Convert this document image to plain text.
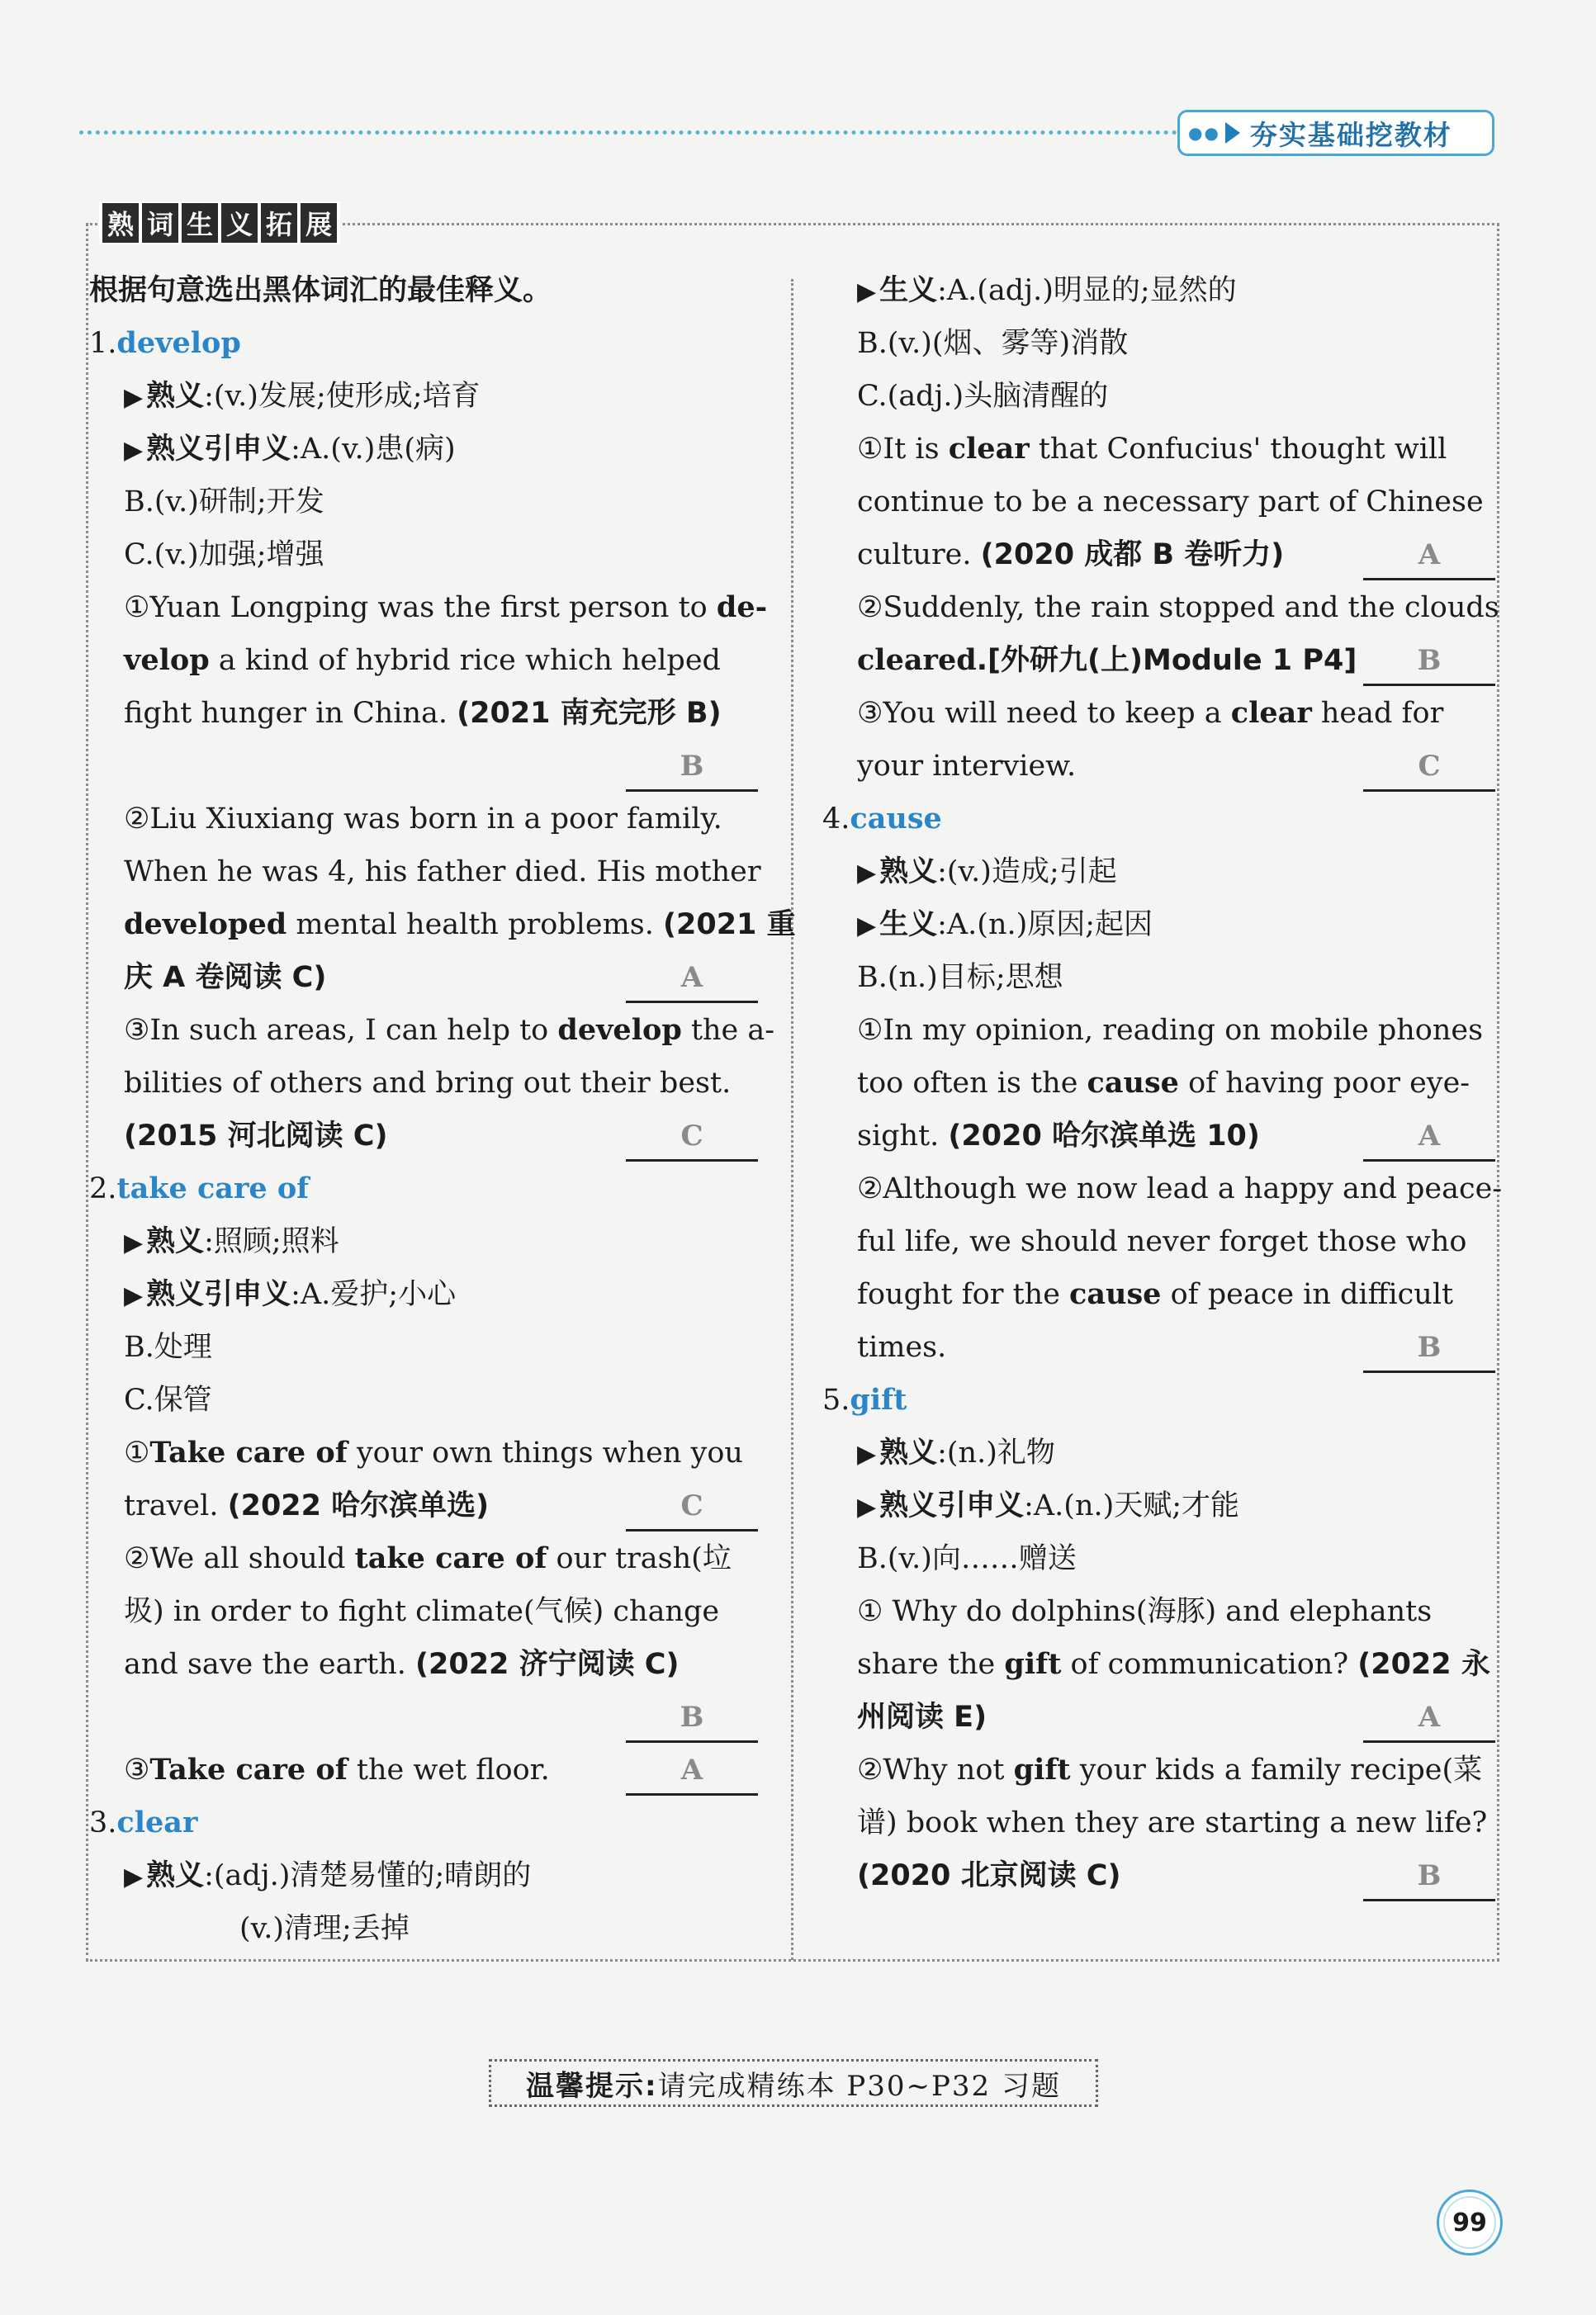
●● 夯实基础挖教材
熟 词 生 义 拓 展
根据句意选出黑体词汇的最佳释义。
1.develop
▶ 熟义:(v.)发展;使形成;培育
▶ 熟义引申义:A.(v.)患(病)
B.(v.)研制;开发
C.(v.)加强;增强
①Yuan Longping was the first person to de-
velop a kind of hybrid rice which helped
fight hunger in China. (2021 南充完形 B)
B
②Liu Xiuxiang was born in a poor family.
When he was 4, his father died. His mother
developed mental health problems. (2021 重
庆 A 卷阅读 C)	A
③In such areas, I can help to develop the a-
bilities of others and bring out their best.
(2015 河北阅读 C)	C
2.take care of
▶ 熟义:照顾;照料
▶ 熟义引申义:A.爱护;小心
B.处理
C.保管
①Take care of your own things when you
travel. (2022 哈尔滨单选)	C
②We all should take care of our trash(垃
圾) in order to fight climate(气候) change
and save the earth. (2022 济宁阅读 C)
B
③Take care of the wet floor.	A
3.clear
▶ 熟义:(adj.)清楚易懂的;晴朗的
(v.)清理;丢掉
▶ 生义:A.(adj.)明显的;显然的
B.(v.)(烟、雾等)消散
C.(adj.)头脑清醒的
①It is clear that Confucius' thought will
continue to be a necessary part of Chinese
culture. (2020 成都 B 卷听力)	A
②Suddenly, the rain stopped and the clouds
cleared.[外研九(上)Module 1 P4]	B
③You will need to keep a clear head for
your interview.	C
4.cause
▶ 熟义:(v.)造成;引起
▶ 生义:A.(n.)原因;起因
B.(n.)目标;思想
①In my opinion, reading on mobile phones
too often is the cause of having poor eye-
sight. (2020 哈尔滨单选 10)	A
②Although we now lead a happy and peace-
ful life, we should never forget those who
fought for the cause of peace in difficult
times.	B
5.gift
▶ 熟义:(n.)礼物
▶ 熟义引申义:A.(n.)天赋;才能
B.(v.)向……赠送
① Why do dolphins(海豚) and elephants
share the gift of communication? (2022 永
州阅读 E)	A
②Why not gift your kids a family recipe(菜
谱) book when they are starting a new life?
(2020 北京阅读 C)	B
温馨提示: 请完成精练本 P30~P32 习题
99
